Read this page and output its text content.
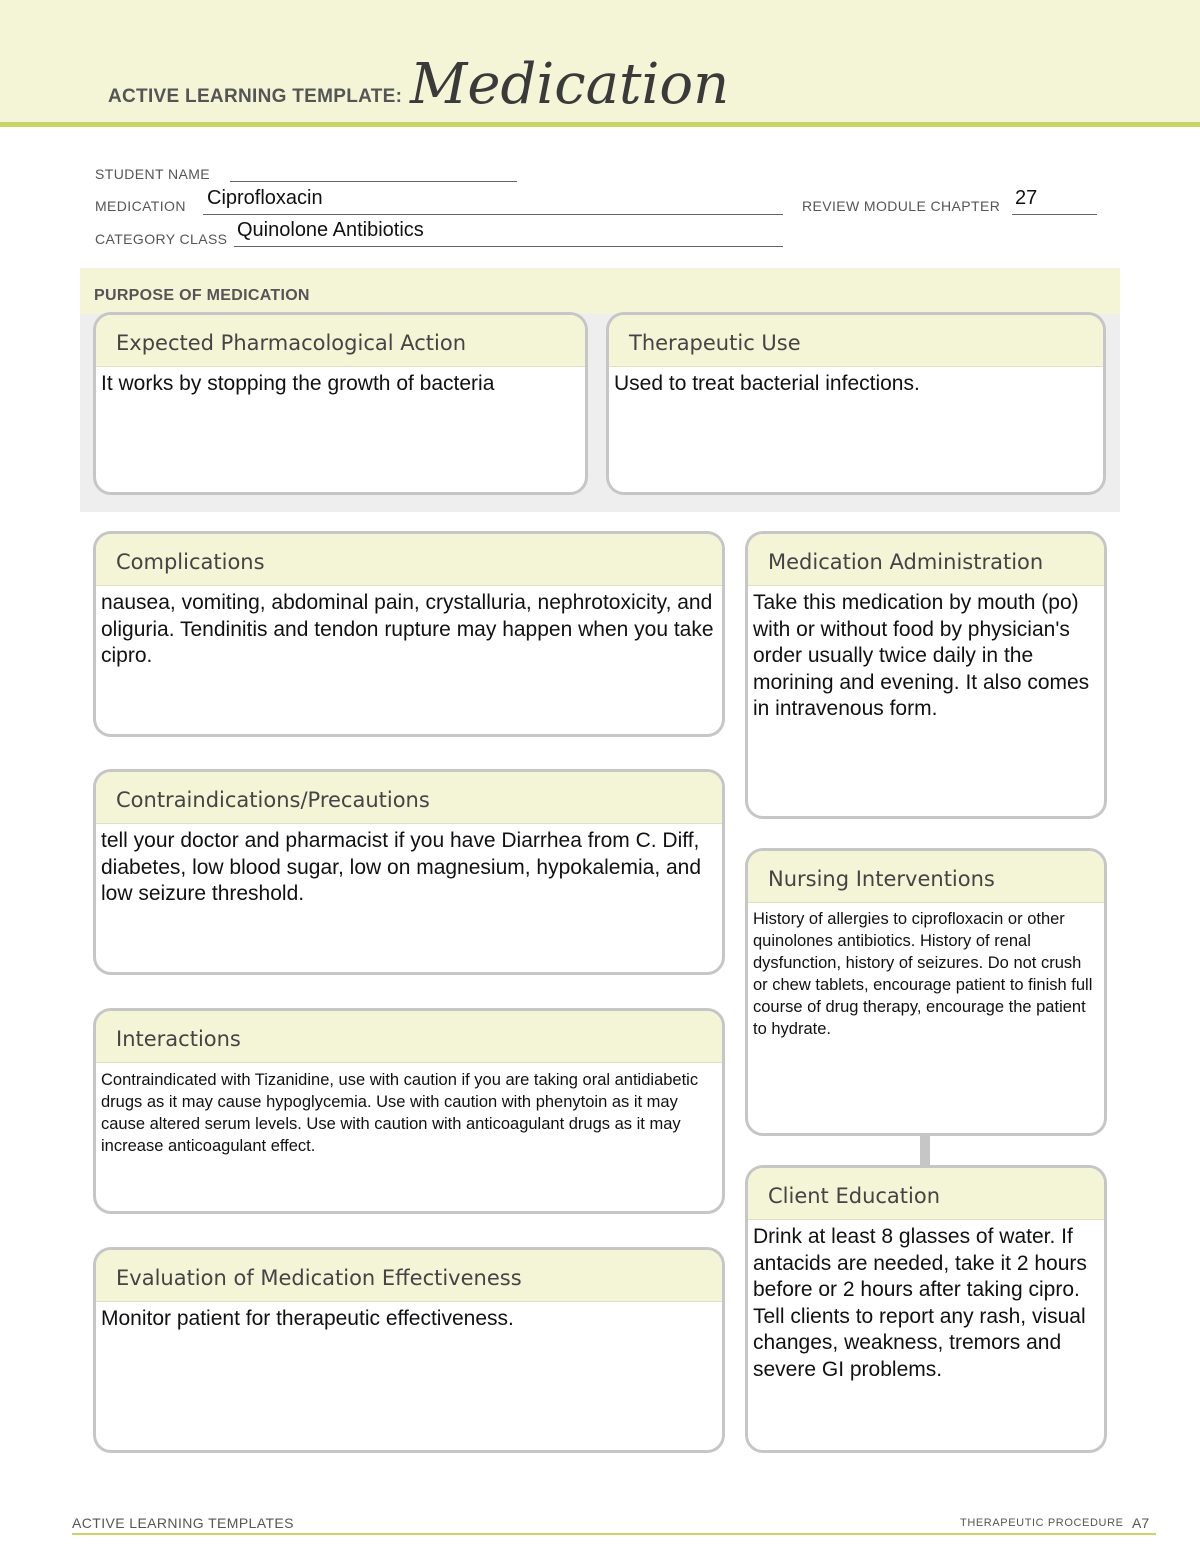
ACTIVE LEARNING TEMPLATE: Medication
STUDENT NAME
MEDICATION Ciprofloxacin	REVIEW MODULE CHAPTER 27
CATEGORY CLASS Quinolone Antibiotics
PURPOSE OF MEDICATION
Expected Pharmacological Action
It works by stopping the growth of bacteria
Therapeutic Use
Used to treat bacterial infections.
Complications
nausea, vomiting, abdominal pain, crystalluria, nephrotoxicity, and oliguria. Tendinitis and tendon rupture may happen when you take cipro.
Contraindications/Precautions
tell your doctor and pharmacist if you have Diarrhea from C. Diff, diabetes, low blood sugar, low on magnesium, hypokalemia, and low seizure threshold.
Interactions
Contraindicated with Tizanidine, use with caution if you are taking oral antidiabetic drugs as it may cause hypoglycemia. Use with caution with phenytoin as it may cause altered serum levels. Use with caution with anticoagulant drugs as it may increase anticoagulant effect.
Evaluation of Medication Effectiveness
Monitor patient for therapeutic effectiveness.
Medication Administration
Take this medication by mouth (po) with or without food by physician's order usually twice daily in the morining and evening. It also comes in intravenous form.
Nursing Interventions
History of allergies to ciprofloxacin or other quinolones antibiotics. History of renal dysfunction, history of seizures. Do not crush or chew tablets, encourage patient to finish full course of drug therapy, encourage the patient to hydrate.
Client Education
Drink at least 8 glasses of water. If antacids are needed, take it 2 hours before or 2 hours after taking cipro. Tell clients to report any rash, visual changes, weakness, tremors and severe GI problems.
ACTIVE LEARNING TEMPLATES	THERAPEUTIC PROCEDURE A7
